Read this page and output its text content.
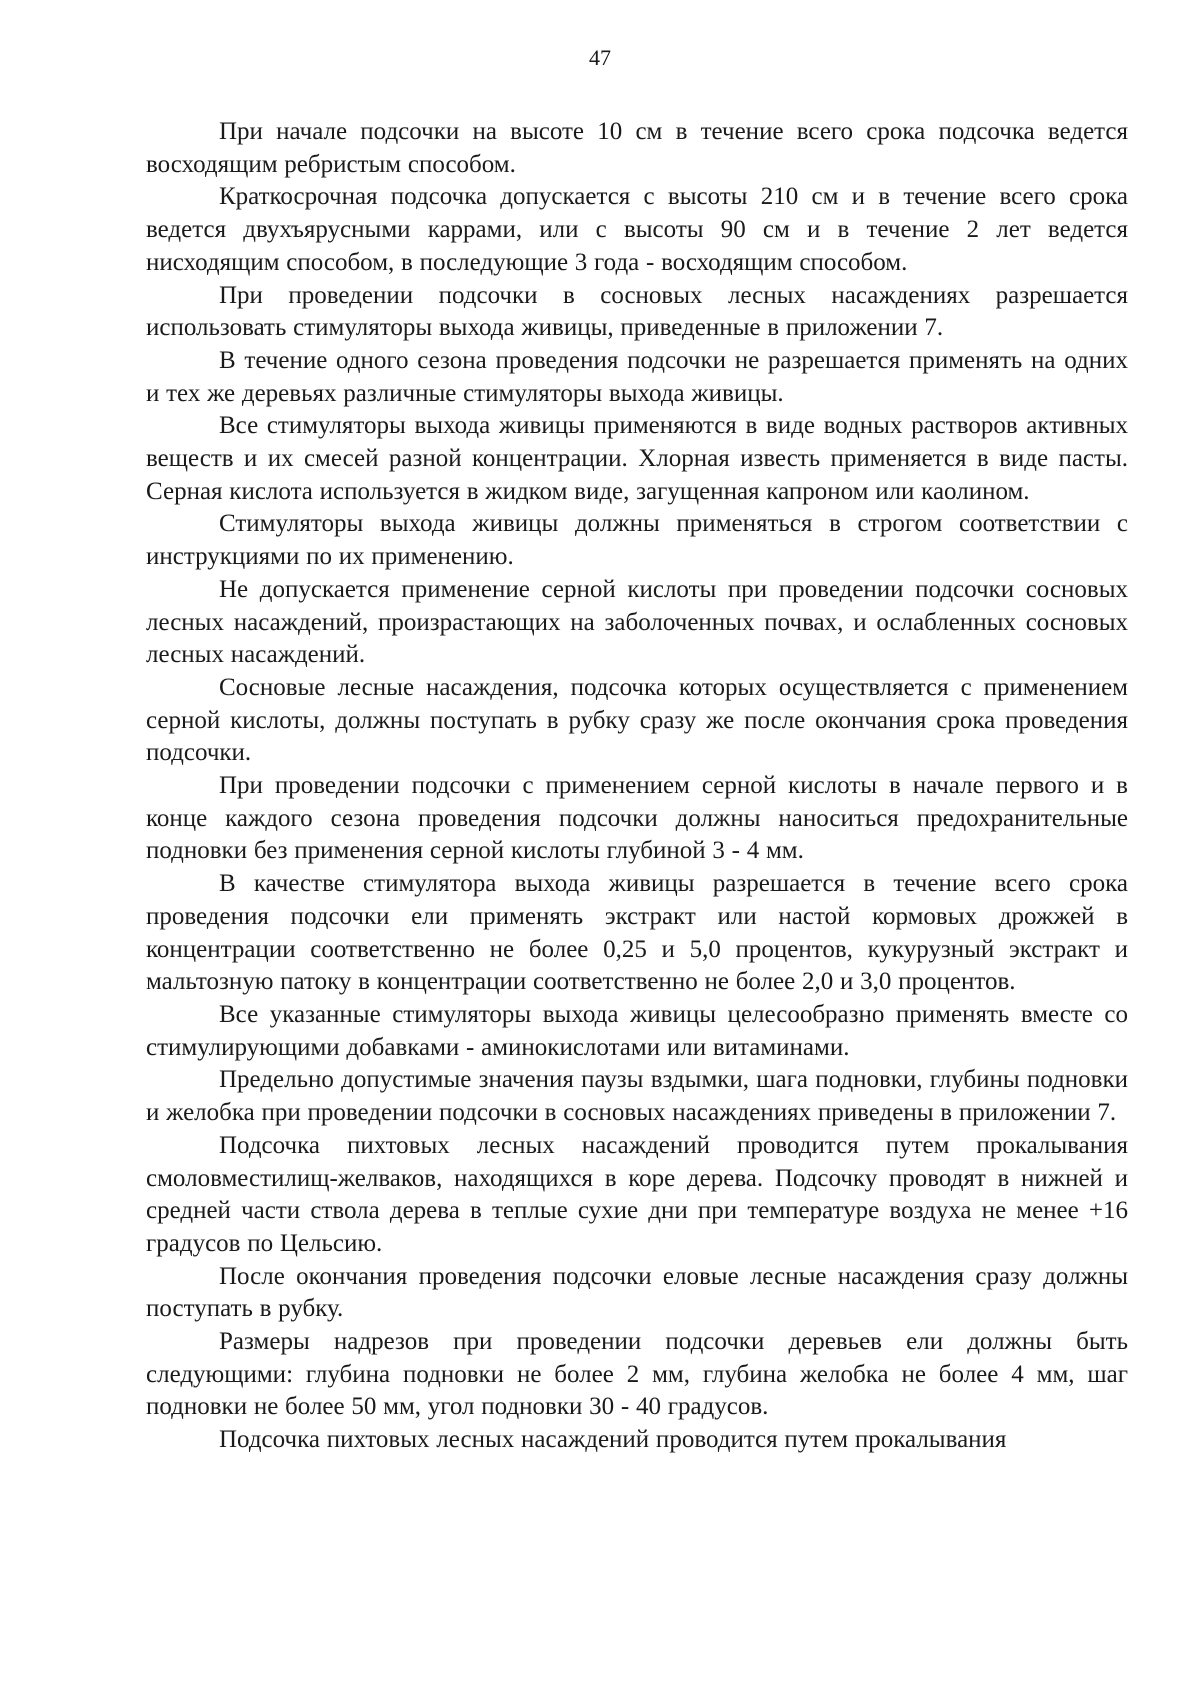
47

При начале подсочки на высоте 10 см в течение всего срока подсочка ведется восходящим ребристым способом.

Краткосрочная подсочка допускается с высоты 210 см и в течение всего срока ведется двухъярусными каррами, или с высоты 90 см и в течение 2 лет ведется нисходящим способом, в последующие 3 года - восходящим способом.

При проведении подсочки в сосновых лесных насаждениях разрешается использовать стимуляторы выхода живицы, приведенные в приложении 7.

В течение одного сезона проведения подсочки не разрешается применять на одних и тех же деревьях различные стимуляторы выхода живицы.

Все стимуляторы выхода живицы применяются в виде водных растворов активных веществ и их смесей разной концентрации. Хлорная известь применяется в виде пасты. Серная кислота используется в жидком виде, загущенная капроном или каолином.

Стимуляторы выхода живицы должны применяться в строгом соответствии с инструкциями по их применению.

Не допускается применение серной кислоты при проведении подсочки сосновых лесных насаждений, произрастающих на заболоченных почвах, и ослабленных сосновых лесных насаждений.

Сосновые лесные насаждения, подсочка которых осуществляется с применением серной кислоты, должны поступать в рубку сразу же после окончания срока проведения подсочки.

При проведении подсочки с применением серной кислоты в начале первого и в конце каждого сезона проведения подсочки должны наноситься предохранительные подновки без применения серной кислоты глубиной 3 - 4 мм.

В качестве стимулятора выхода живицы разрешается в течение всего срока проведения подсочки ели применять экстракт или настой кормовых дрожжей в концентрации соответственно не более 0,25 и 5,0 процентов, кукурузный экстракт и мальтозную патоку в концентрации соответственно не более 2,0 и 3,0 процентов.

Все указанные стимуляторы выхода живицы целесообразно применять вместе со стимулирующими добавками - аминокислотами или витаминами.

Предельно допустимые значения паузы вздымки, шага подновки, глубины подновки и желобка при проведении подсочки в сосновых насаждениях приведены в приложении 7.

Подсочка пихтовых лесных насаждений проводится путем прокалывания смоловместилищ-желваков, находящихся в коре дерева. Подсочку проводят в нижней и средней части ствола дерева в теплые сухие дни при температуре воздуха не менее +16 градусов по Цельсию.

После окончания проведения подсочки еловые лесные насаждения сразу должны поступать в рубку.

Размеры надрезов при проведении подсочки деревьев ели должны быть следующими: глубина подновки не более 2 мм, глубина желобка не более 4 мм, шаг подновки не более 50 мм, угол подновки 30 - 40 градусов.

Подсочка пихтовых лесных насаждений проводится путем прокалывания
